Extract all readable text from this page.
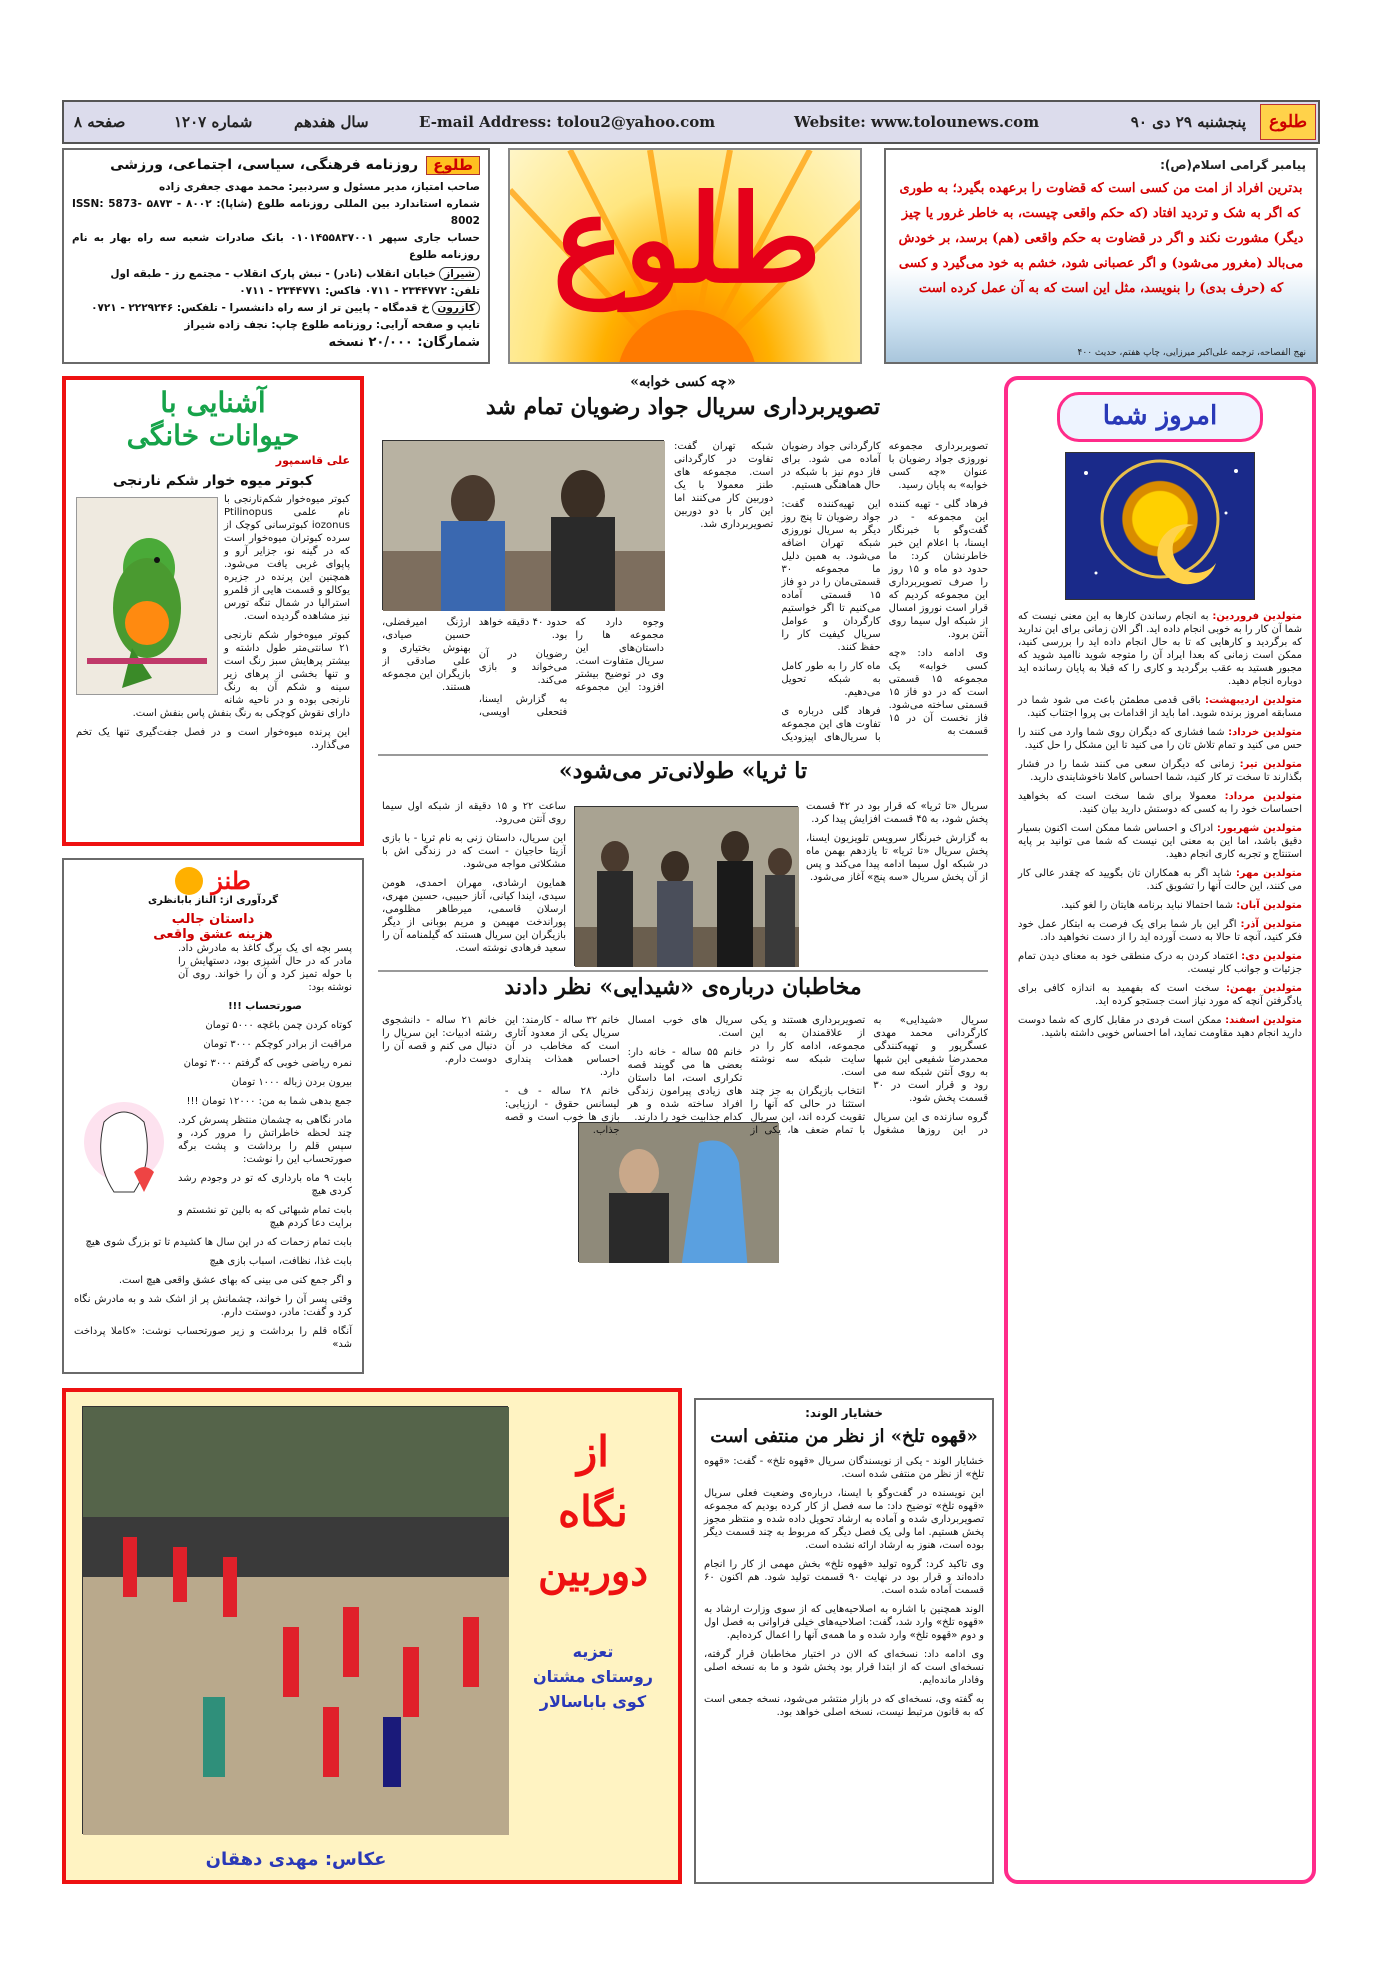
طلوع
پنجشنبه ۲۹ دی ۹۰
Website: www.tolounews.com
E-mail Address: tolou2@yahoo.com
سال هفدهم
شماره ۱۲۰۷
صفحه ۸
پیامبر گرامی اسلام(ص):
بدترین افراد از امت من کسی است که قضاوت را برعهده بگیرد؛ به طوری که اگر به شک و تردید افتاد (که حکم واقعی چیست، به خاطر غرور یا چیز دیگر) مشورت نکند و اگر در قضاوت به حکم واقعی (هم) برسد، بر خودش می‌بالد (مغرور می‌شود) و اگر عصبانی شود، خشم به خود می‌گیرد و کسی که (حرف بدی) را بنویسد، مثل این است که به آن عمل کرده است
نهج الفصاحه، ترجمه علی‌اکبر میرزایی، چاپ هفتم، حدیث ۴۰۰
طلوع
طلوع
روزنامه فرهنگی، سیاسی، اجتماعی، ورزشی
صاحب امتیاز، مدیر مسئول و سردبیر: محمد مهدی جعفری زاده
شماره استاندارد بین المللی روزنامه طلوع (شاپا): ۸۰۰۲ - ۵۸۷۳ ISSN: 5873-8002
حساب جاری سپهر ۰۱۰۱۴۵۵۸۳۷۰۰۱ بانک صادرات شعبه سه راه بهار به نام روزنامه طلوع
شیراز خیابان انقلاب (نادر) - نبش پارک انقلاب - مجتمع رز - طبقه اول
تلفن: ۲۳۴۴۷۷۲ - ۰۷۱۱ فاکس: ۲۳۴۴۷۷۱ - ۰۷۱۱
کازرون خ قدمگاه - پایین تر از سه راه دانشسرا - تلفکس: ۲۲۲۹۲۴۶ - ۰۷۲۱
تایپ و صفحه آرایی: روزنامه طلوع چاپ: نجف زاده شیراز
شمارگان: ۲۰/۰۰۰ نسخه
امروز شما

متولدین فروردین: به انجام رساندن کارها به این معنی نیست که شما آن کار را به خوبی انجام داده اید. اگر الان زمانی برای این ندارید که برگردید و کارهایی که تا به حال انجام داده اید را بررسی کنید، ممکن است زمانی که بعدا ایراد آن را متوجه شوید ناامید شوید که مجبور هستید به عقب برگردید و کاری را که قبلا به پایان رسانده اید دوباره انجام دهید.

متولدین اردیبهشت: باقی قدمی مطمئن باعث می شود شما در مسابقه امروز برنده شوید. اما باید از اقدامات بی پروا اجتناب کنید.

متولدین خرداد: شما فشاری که دیگران روی شما وارد می کنند را حس می کنید و تمام تلاش تان را می کنید تا این مشکل را حل کنید.

متولدین تیر: زمانی که دیگران سعی می کنند شما را در فشار بگذارند تا سخت تر کار کنید، شما احساس کاملا ناخوشایندی دارید.

متولدین مرداد: معمولا برای شما سخت است که بخواهید احساسات خود را به کسی که دوستش دارید بیان کنید.

متولدین شهریور: ادراک و احساس شما ممکن است اکنون بسیار دقیق باشد، اما این به معنی این نیست که شما می توانید بر پایه استنتاج و تجربه کاری انجام دهید.

متولدین مهر: شاید اگر به همکاران تان بگویید که چقدر عالی کار می کنند، این حالت آنها را تشویق کند.

متولدین آبان: شما احتمالا نباید برنامه هایتان را لغو کنید.

متولدین آذر: اگر این بار شما برای یک فرصت به ابتکار عمل خود فکر کنید، آنچه تا حالا به دست آورده اید را از دست نخواهید داد.

متولدین دی: اعتماد کردن به درک منطقی خود به معنای دیدن تمام جزئیات و جوانب کار نیست.

متولدین بهمن: سخت است که بفهمید به اندازه کافی برای یادگرفتن آنچه که مورد نیاز است جستجو کرده اید.

متولدین اسفند: ممکن است فردی در مقابل کاری که شما دوست دارید انجام دهید مقاومت نماید، اما احساس خوبی داشته باشید.

«چه کسی خوابه»
تصویربرداری سریال جواد رضویان تمام شد

وجوه دارد که مجموعه ها را داستان‌های این سریال متفاوت است. وی در توضیح بیشتر افزود: این مجموعه حدود ۴۰ دقیقه خواهد بود.

رضویان در آن می‌خواند و بازی می‌کند.

به گزارش ایسنا، فتحعلی اویسی، ارژنگ امیرفضلی، حسین صیادی، بهنوش بختیاری و علی صادقی از بازیگران این مجموعه هستند.

تصویربرداری مجموعه نوروزی جواد رضویان با عنوان «چه کسی خوابه» به پایان رسید.

فرهاد گلی - تهیه کننده این مجموعه - در گفت‌وگو با خبرنگار ایسنا، با اعلام این خبر خاطرنشان کرد: ما حدود دو ماه و ۱۵ روز را صرف تصویربرداری این مجموعه کردیم که قرار است نوروز امسال از شبکه اول سیما روی آنتن برود.

وی ادامه داد: «چه کسی خوابه» یک مجموعه ۱۵ قسمتی است که در دو فاز ۱۵ قسمتی ساخته می‌شود. فاز نخست آن در ۱۵ قسمت به

کارگردانی جواد رضویان آماده می شود. برای فاز دوم نیز با شبکه در حال هماهنگی هستیم.

این تهیه‌کننده گفت: جواد رضویان تا پنج روز دیگر به سریال نوروزی شبکه تهران اضافه می‌شود. به همین دلیل ما مجموعه ۳۰ قسمتی‌مان را در دو فاز ۱۵ قسمتی آماده می‌کنیم تا اگر خواستیم کارگردان و عوامل سریال کیفیت کار را حفظ کنند.

ماه کار را به طور کامل به شبکه تحویل می‌دهیم.

فرهاد گلی درباره ی تفاوت های این مجموعه با سریال‌های اپیزودیک شبکه تهران گفت: تفاوت در کارگردانی است. مجموعه های طنز معمولا با یک دوربین کار می‌کنند اما این کار با دو دوربین تصویربرداری شد.

«تا ثریا» طولانی‌تر می‌شود

سریال «تا ثریا» که قرار بود در ۴۲ قسمت پخش شود، به ۴۵ قسمت افزایش پیدا کرد.

به گزارش خبرنگار سرویس تلویزیون ایسنا، پخش سریال «تا ثریا» تا یازدهم بهمن ماه در شبکه اول سیما ادامه پیدا می‌کند و پس از آن پخش سریال «سه پنج» آغاز می‌شود.

ساعت ۲۲ و ۱۵ دقیقه از شبکه اول سیما روی آنتن می‌رود.

این سریال، داستان زنی به نام ثریا - با بازی آزیتا حاجیان - است که در زندگی اش با مشکلاتی مواجه می‌شود.

همایون ارشادی، مهران احمدی، هومن سیدی، ایندا کیانی، آناز حبیبی، حسین مهری، ارسلان قاسمی، میرطاهر مظلومی، پوراندخت مهیمن و مریم بوبانی از دیگر بازیگران این سریال هستند که گیلمنامه آن را سعید فرهادی نوشته است.

مخاطبان درباره‌ی «شیدایی» نظر دادند

سریال «شیدایی» به کارگردانی محمد مهدی عسگرپور و تهیه‌کنندگی محمدرضا شفیعی این شبها به روی آنتن شبکه سه می رود و قرار است در ۳۰ قسمت پخش شود.

گروه سازنده ی این سریال در این روزها مشغول تصویربرداری هستند و یکی از علاقمندان به این مجموعه، ادامه کار را در سایت شبکه سه نوشته است.

انتخاب بازیگران به جز چند استثنا در حالی که آنها را تقویت کرده اند، این سریال با تمام ضعف ها، یکی از سریال های خوب امسال است.

خانم ۵۵ ساله - خانه دار: بعضی ها می گویند قصه تکراری است، اما داستان های زیادی پیرامون زندگی افراد ساخته شده و هر کدام جذابیت خود را دارند.

خانم ۳۲ ساله - کارمند: این سریال یکی از معدود آثاری است که مخاطب در آن احساس همذات پنداری دارد.

خانم ۲۸ ساله - ف - لیسانس حقوق - ارزیابی: بازی ها خوب است و قصه جذاب.

خانم ۲۱ ساله - دانشجوی رشته ادبیات: این سریال را دنبال می کنم و قصه آن را دوست دارم.

آشنایی با
حیوانات خانگی
علی قاسمپور
کبوتر میوه خوار شکم نارنجی

کبوتر میوه‌خوار شکم‌نارنجی با نام علمی Ptilinopus iozonus کبوترسانی کوچک از سرده کبوتران میوه‌خوار است که در گینه نو، جزایر آرو و پاپوای غربی یافت می‌شود. همچنین این پرنده در جزیره یوکالو و قسمت هایی از قلمرو استرالیا در شمال تنگه تورس نیز مشاهده گردیده است.

کبوتر میوه‌خوار شکم نارنجی ۲۱ سانتی‌متر طول داشته و بیشتر پرهایش سبز رنگ است و تنها بخشی از پرهای زیر سینه و شکم آن به رنگ نارنجی بوده و در ناحیه شانه دارای نقوش کوچکی به رنگ بنفش پاس بنفش است.

این پرنده میوه‌خوار است و در فصل جفت‌گیری تنها یک تخم می‌گذارد.

طنز
گردآوری از: الناز بابانظری
داستان جالب
هزینه عشق واقعی

پسر بچه ای یک برگ کاغذ به مادرش داد. مادر که در حال آشپزی بود، دستهایش را با حوله تمیز کرد و آن را خواند. روی آن نوشته بود:

صورتحساب !!!

کوتاه کردن چمن باغچه ۵۰۰۰ تومان

مراقبت از برادر کوچکم ۳۰۰۰ تومان

نمره ریاضی خوبی که گرفتم ۳۰۰۰ تومان

بیرون بردن زباله ۱۰۰۰ تومان

جمع بدهی شما به من: ۱۲۰۰۰ تومان !!!

مادر نگاهی به چشمان منتظر پسرش کرد. چند لحظه خاطراتش را مرور کرد، و سپس قلم را برداشت و پشت برگه صورتحساب این را نوشت:

بابت ۹ ماه بارداری که تو در وجودم رشد کردی هیچ

بابت تمام شبهائی که به بالین تو نشستم و برایت دعا کردم هیچ

بابت تمام زحمات که در این سال ها کشیدم تا تو بزرگ شوی هیچ

بابت غذا، نظافت، اسباب بازی هیچ

و اگر جمع کنی می بینی که بهای عشق واقعی هیچ است.

وقتی پسر آن را خواند، چشمانش پر از اشک شد و به مادرش نگاه کرد و گفت: مادر، دوستت دارم.

آنگاه قلم را برداشت و زیر صورتحساب نوشت: «کاملا پرداخت شد»

از
نگاه
دوربین
تعزیه
روستای مشتان
کوی باباسالار
عکاس: مهدی دهقان
خشایار الوند:
«قهوه تلخ» از نظر من منتفی است

خشایار الوند - یکی از نویسندگان سریال «قهوه تلخ» - گفت: «قهوه تلخ» از نظر من منتفی شده است.

این نویسنده در گفت‌وگو با ایسنا، درباره‌ی وضعیت فعلی سریال «قهوه تلخ» توضیح داد: ما سه فصل از کار کرده بودیم که مجموعه تصویربرداری شده و آماده به ارشاد تحویل داده شده و منتظر مجوز پخش هستیم. اما ولی یک فصل دیگر که مربوط به چند قسمت دیگر بوده است، هنوز به ارشاد ارائه نشده است.

وی تاکید کرد: گروه تولید «قهوه تلخ» بخش مهمی از کار را انجام داده‌اند و قرار بود در نهایت ۹۰ قسمت تولید شود. هم اکنون ۶۰ قسمت آماده شده است.

الوند همچنین با اشاره به اصلاحیه‌هایی که از سوی وزارت ارشاد به «قهوه تلخ» وارد شد، گفت: اصلاحیه‌های خیلی فراوانی به فصل اول و دوم «قهوه تلخ» وارد شده و ما همه‌ی آنها را اعمال کرده‌ایم.

وی ادامه داد: نسخه‌ای که الان در اختیار مخاطبان قرار گرفته، نسخه‌ای است که از ابتدا قرار بود پخش شود و ما به نسخه اصلی وفادار مانده‌ایم.

به گفته وی، نسخه‌ای که در بازار منتشر می‌شود، نسخه جمعی است که به قانون مرتبط نیست، نسخه اصلی خواهد بود.
